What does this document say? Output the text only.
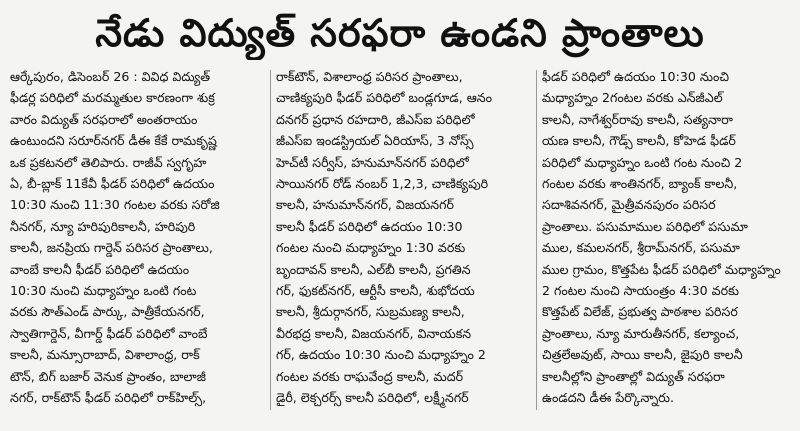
నేడు విద్యుత్ సరఫరా ఉండని ప్రాంతాలు
ఆర్కేపురం, డిసెంబర్ 26 : వివిధ విద్యుత్
ఫీడర్ల పరిధిలో మరమ్మతుల కారణంగా శుక్ర
వారం విద్యుత్ సరఫరాలో అంతరాయం
ఉంటుందని సరూర్‌నగర్ డీఈ కేకే రామకృష్ణ
ఒక ప్రకటనలో తెలిపారు. రాజీవ్ స్వగృహ
ఏ, బీ-బ్లాక్ 11కేవీ ఫీడర్ పరిధిలో ఉదయం
10:30 నుంచి 11:30 గంటల వరకు సరోజి
నీనగర్, న్యూ హరిపురికాలనీ, హరిపురి
కాలనీ, జనప్రియ గార్డెన్ పరిసర ప్రాంతాలు,
వాంబే కాలనీ ఫీడర్ పరిధిలో ఉదయం
10:30 నుంచి మధ్యాహ్నం ఒంటి గంట
వరకు సౌత్‌ఎండ్ పార్కు, పాత్రీకేయనగర్,
స్వాతిగార్డెన్, వీగార్డ్ ఫీడర్ పరిధిలో వాంబే
కాలనీ, మన్సూరాబాద్, విశాలాంధ్ర, రాక్
టౌన్, బిగ్ బజార్ వెనుక ప్రాంతం, బాలాజీ
నగర్, రాక్‌టౌన్ ఫీడర్ పరిధిలో రాక్‌హిల్స్,
రాక్‌టౌన్, విశాలాంధ్ర పరిసర ప్రాంతాలు,
చాణిక్యపురి ఫీడర్ పరిధిలో బండ్లగూడ, ఆనం
దనగర్ ప్రధాన రహదారి, జీఎస్‌ఐ పరిధిలో
జీఎస్‌ఐ ఇండస్ట్రియల్ ఏరియాస్, 3 నోస్స్
హెచ్‌టీ సర్వీస్, హనుమాన్‌నగర్ పరిధిలో
సాయినగర్ రోడ్ నంబర్ 1,2,3, చాణిక్యపురి
కాలనీ, హనుమాన్‌నగర్, విజయనగర్
కాలనీ ఫీడర్ పరిధిలో ఉదయం 10:30
గంటల నుంచి మధ్యాహ్నం 1:30 వరకు
బృందావన్ కాలనీ, ఎల్‌బీ కాలనీ, ప్రగతిన
గర్, ఫుకట్‌నగర్, ఆర్టీసీ కాలనీ, శుభోదయ
కాలనీ, శ్రీదుర్గానగర్, సుబ్రమణ్య కాలనీ,
వీరభద్ర కాలనీ, విజయనగర్, వినాయకన
గర్, ఉదయం 10:30 నుంచి మధ్యాహ్నం 2
గంటల వరకు రాఘవేంద్ర కాలనీ, మదర్
డైరీ, లెక్చరర్స్ కాలనీ పరిధిలో, లక్ష్మీనగర్
ఫీడర్ పరిధిలో ఉదయం 10:30 నుంచి
మధ్యాహ్నం 2గంటల వరకు ఎన్‌జీఎల్
కాలనీ, నాగేశ్వర్‌రావు కాలనీ, సత్యనారా
యణ కాలనీ, గౌడ్స్ కాలనీ, కోహెడ ఫీడర్
పరిధిలో మధ్యాహ్నం ఒంటి గంట నుంచి 2
గంటల వరకు శాంతినగర్, బ్యాంక్ కాలనీ,
సదాశివనగర్, మైత్రీవనపురం పరిసర
ప్రాంతాలు. పసుమాముల పరిధిలో పసుమా
ముల, కమలనగర్, శ్రీరామ్‌నగర్, పసుమా
ముల గ్రామం, కొత్తపేట ఫీడర్ పరిధిలో మధ్యాహ్నం
2 గంటల నుంచి సాయంత్రం 4:30 వరకు
కొత్తపేట్ విలేజ్, ప్రభుత్వ పాఠశాల పరిసర
ప్రాంతాలు, న్యూ మారుతీనగర్, కల్యాంచ,
చిత్రలేఅవుట్, సాయి కాలనీ, జైపురి కాలనీ
కాలనీల్లోని ప్రాంతాల్లో విద్యుత్ సరఫరా
ఉండదని డీఈ పేర్కొన్నారు.
